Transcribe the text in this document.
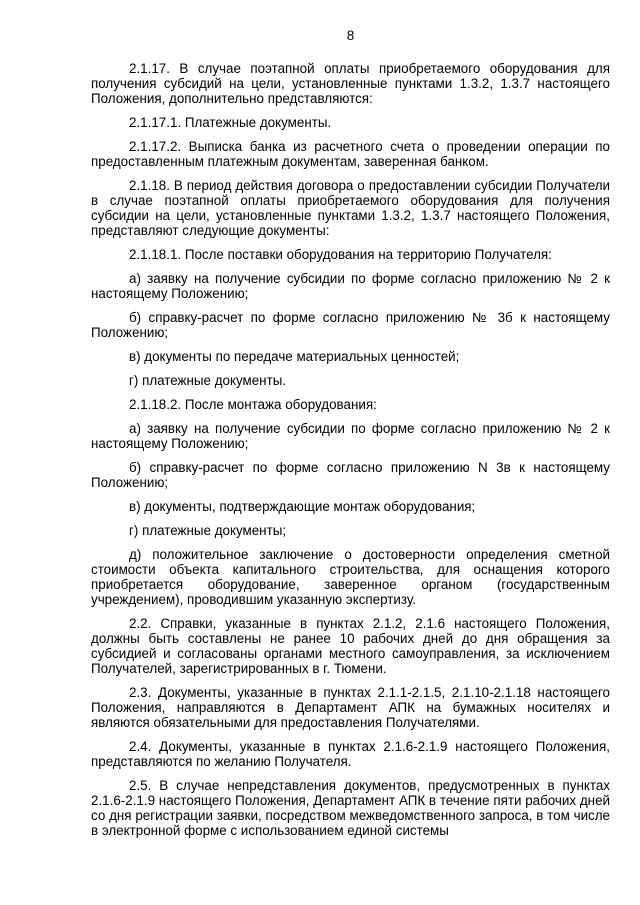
8

2.1.17. В случае поэтапной оплаты приобретаемого оборудования для получения субсидий на цели, установленные пунктами 1.3.2, 1.3.7 настоящего Положения, дополнительно представляются:

2.1.17.1. Платежные документы.

2.1.17.2. Выписка банка из расчетного счета о проведении операции по предоставленным платежным документам, заверенная банком.

2.1.18. В период действия договора о предоставлении субсидии Получатели в случае поэтапной оплаты приобретаемого оборудования для получения субсидии на цели, установленные пунктами 1.3.2, 1.3.7 настоящего Положения, представляют следующие документы:

2.1.18.1. После поставки оборудования на территорию Получателя:

а) заявку на получение субсидии по форме согласно приложению № 2 к настоящему Положению;

б) справку-расчет по форме согласно приложению № 3б к настоящему Положению;

в) документы по передаче материальных ценностей;

г) платежные документы.

2.1.18.2. После монтажа оборудования:

а) заявку на получение субсидии по форме согласно приложению № 2 к настоящему Положению;

б) справку-расчет по форме согласно приложению N 3в к настоящему Положению;

в) документы, подтверждающие монтаж оборудования;

г) платежные документы;

д) положительное заключение о достоверности определения сметной стоимости объекта капитального строительства, для оснащения которого приобретается оборудование, заверенное органом (государственным учреждением), проводившим указанную экспертизу.

2.2. Справки, указанные в пунктах 2.1.2, 2.1.6 настоящего Положения, должны быть составлены не ранее 10 рабочих дней до дня обращения за субсидией и согласованы органами местного самоуправления, за исключением Получателей, зарегистрированных в г. Тюмени.

2.3. Документы, указанные в пунктах 2.1.1-2.1.5, 2.1.10-2.1.18 настоящего Положения, направляются в Департамент АПК на бумажных носителях и являются обязательными для предоставления Получателями.

2.4. Документы, указанные в пунктах 2.1.6-2.1.9 настоящего Положения, представляются по желанию Получателя.

2.5. В случае непредставления документов, предусмотренных в пунктах 2.1.6-2.1.9 настоящего Положения, Департамент АПК в течение пяти рабочих дней со дня регистрации заявки, посредством межведомственного запроса, в том числе в электронной форме с использованием единой системы
